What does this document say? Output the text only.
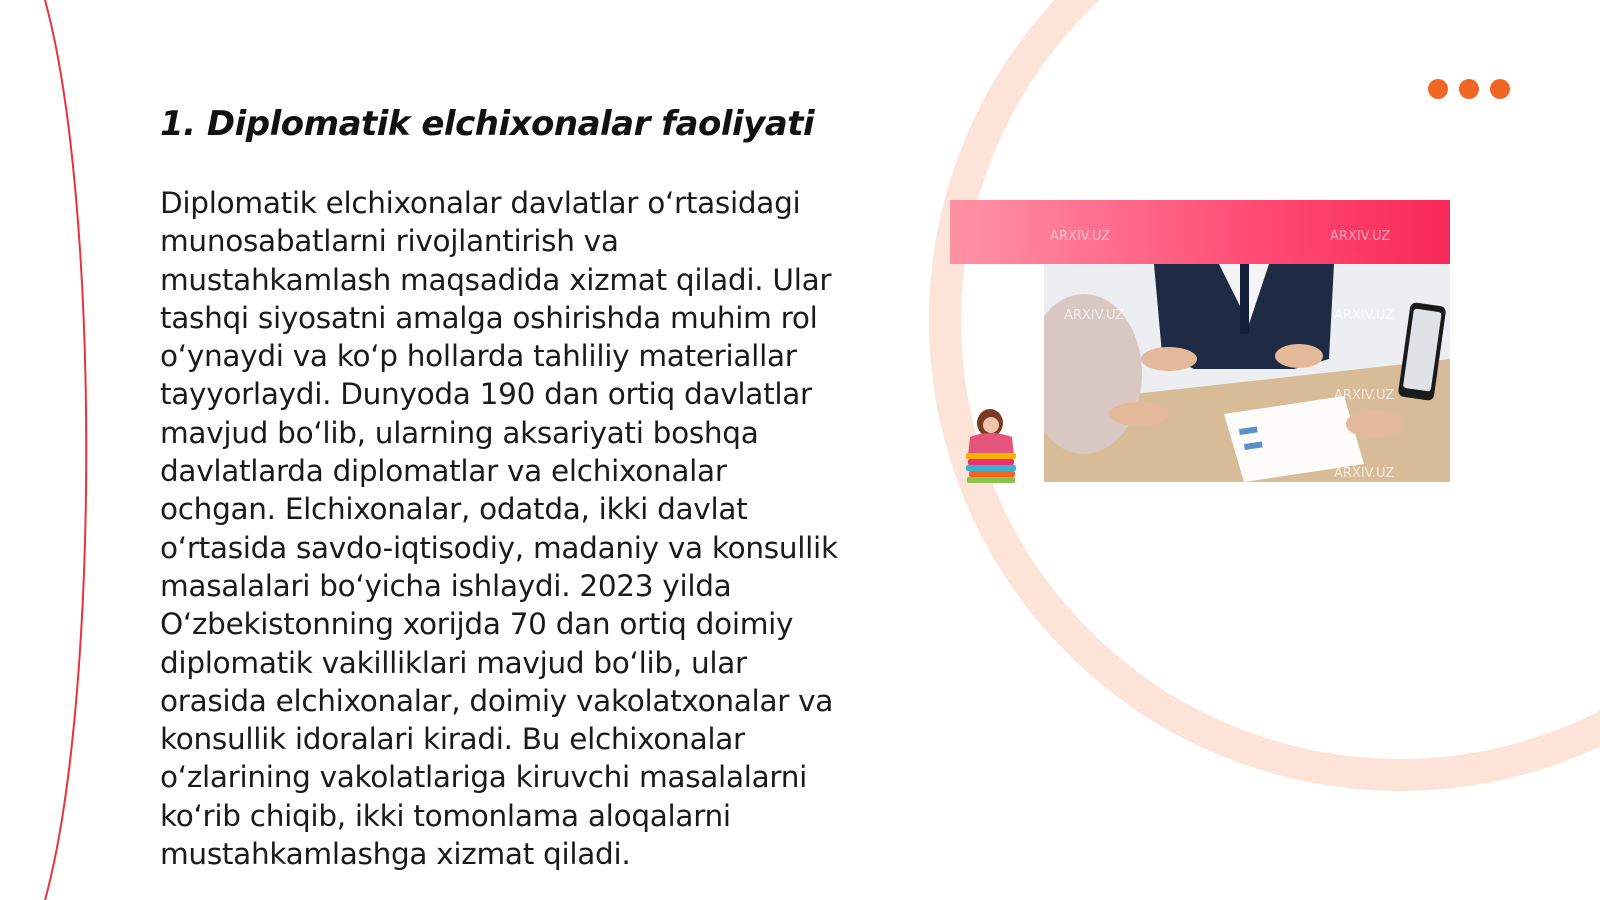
1. Diplomatik elchixonalar faoliyati

Diplomatik elchixonalar davlatlar o‘rtasidagi munosabatlarni rivojlantirish va mustahkamlash maqsadida xizmat qiladi. Ular tashqi siyosatni amalga oshirishda muhim rol o‘ynaydi va ko‘p hollarda tahliliy materiallar tayyorlaydi. Dunyoda 190 dan ortiq davlatlar mavjud bo‘lib, ularning aksariyati boshqa davlatlarda diplomatlar va elchixonalar ochgan. Elchixonalar, odatda, ikki davlat o‘rtasida savdo-iqtisodiy, madaniy va konsullik masalalari bo‘yicha ishlaydi. 2023 yilda O‘zbekistonning xorijda 70 dan ortiq doimiy diplomatik vakilliklari mavjud bo‘lib, ular orasida elchixonalar, doimiy vakolatxonalar va konsullik idoralari kiradi. Bu elchixonalar o‘zlarining vakolatlariga kiruvchi masalalarni ko‘rib chiqib, ikki tomonlama aloqalarni mustahkamlashga xizmat qiladi.

ARXIV.UZ	ARXIV.UZ
ARXIV.UZ	ARXIV.UZ
ARXIV.UZ
ARXIV.UZ
